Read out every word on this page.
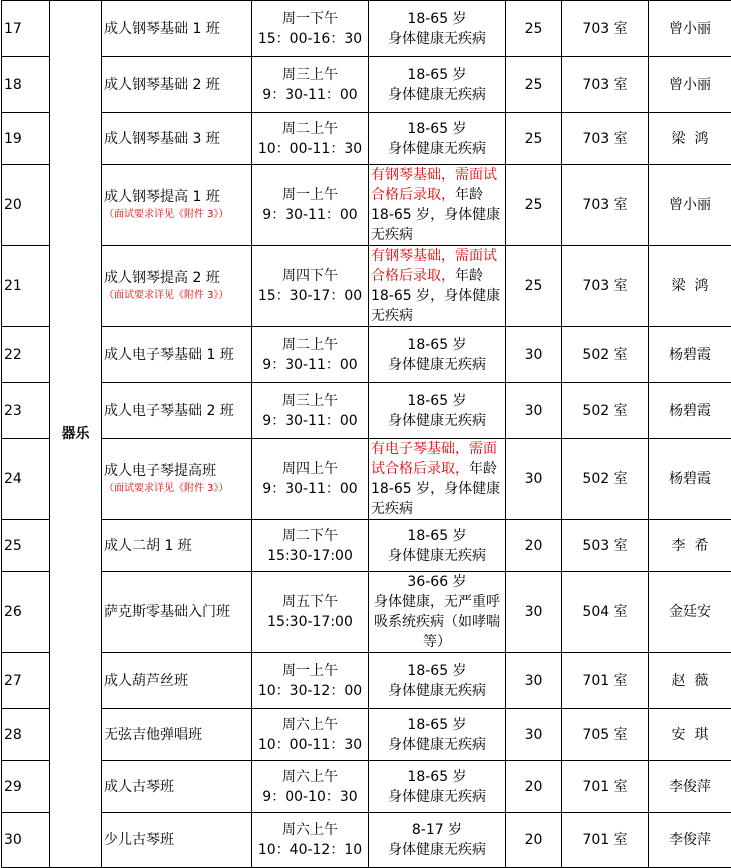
17	器乐	成人钢琴基础 1 班	周一下午
15：00-16：30	18-65 岁
身体健康无疾病	25	703 室	曾小丽
18		成人钢琴基础 2 班	周三上午
9：30-11：00	18-65 岁
身体健康无疾病	25	703 室	曾小丽
19		成人钢琴基础 3 班	周二上午
10：00-11：30	18-65 岁
身体健康无疾病	25	703 室	梁  鸿
20		成人钢琴提高 1 班
（面试要求详见《附件 3》）	周一上午
9：30-11：00	有钢琴基础，需面试合格后录取，年龄 18-65 岁，身体健康无疾病	25	703 室	曾小丽
21		成人钢琴提高 2 班
（面试要求详见《附件 3》）	周四下午
15：30-17：00	有钢琴基础，需面试合格后录取，年龄 18-65 岁，身体健康无疾病	25	703 室	梁  鸿
22		成人电子琴基础 1 班	周二上午
9：30-11：00	18-65 岁
身体健康无疾病	30	502 室	杨碧霞
23		成人电子琴基础 2 班	周三上午
9：30-11：00	18-65 岁
身体健康无疾病	30	502 室	杨碧霞
24		成人电子琴提高班
（面试要求详见《附件 3》）	周四上午
9：30-11：00	有电子琴基础，需面试合格后录取，年龄 18-65 岁，身体健康无疾病	30	502 室	杨碧霞
25		成人二胡 1 班	周二下午
15:30-17:00	18-65 岁
身体健康无疾病	20	503 室	李  希
26		萨克斯零基础入门班	周五下午
15:30-17:00	36-66 岁
身体健康，无严重呼吸系统疾病（如哮喘等）	30	504 室	金廷安
27		成人葫芦丝班	周一上午
10：30-12：00	18-65 岁
身体健康无疾病	30	701 室	赵  薇
28		无弦吉他弹唱班	周六上午
10：00-11：30	18-65 岁
身体健康无疾病	30	705 室	安  琪
29		成人古琴班	周六上午
9：00-10：30	18-65 岁
身体健康无疾病	20	701 室	李俊萍
30		少儿古琴班	周六上午
10：40-12：10	8-17 岁
身体健康无疾病	20	701 室	李俊萍
